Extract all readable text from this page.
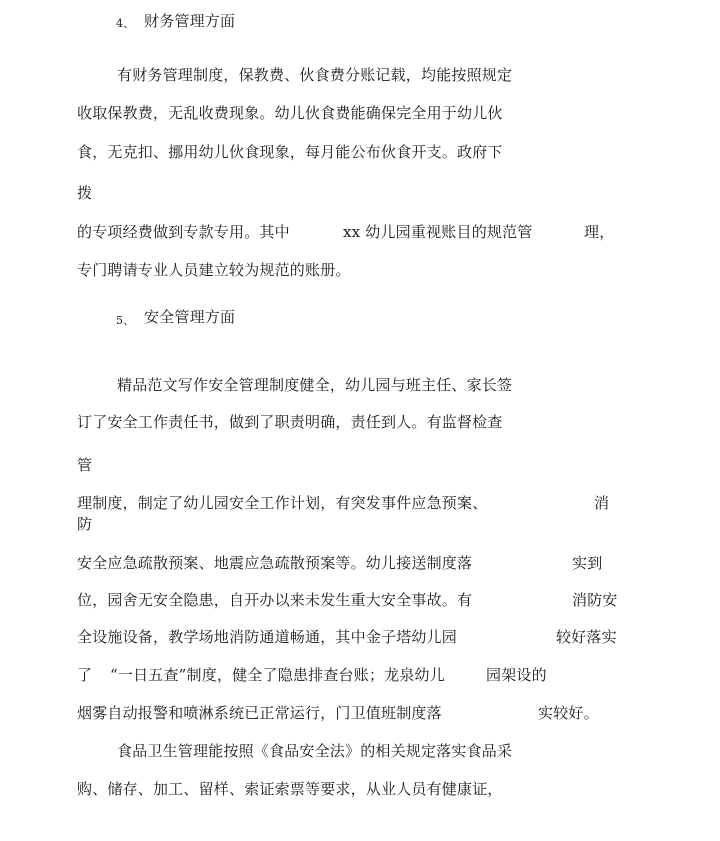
4、 财务管理方面

有财务管理制度，保教费、伙食费分账记载，均能按照规定

收取保教费，无乱收费现象。幼儿伙食费能确保完全用于幼儿伙

食，无克扣、挪用幼儿伙食现象，每月能公布伙食开支。政府下

拨

的专项经费做到专款专用。其中	xx 幼儿园重视账目的规范管	理，

专门聘请专业人员建立较为规范的账册。

5、 安全管理方面

精品范文写作安全管理制度健全，幼儿园与班主任、家长签

订了安全工作责任书，做到了职责明确，责任到人。有监督检查

管

理制度，制定了幼儿园安全工作计划，有突发事件应急预案、	消

防

安全应急疏散预案、地震应急疏散预案等。幼儿接送制度落	实到

位，园舍无安全隐患，自开办以来未发生重大安全事故。有	消防安

全设施设备，教学场地消防通道畅通，其中金子塔幼儿园	较好落实

了 “一日五查”制度，健全了隐患排查台账；龙泉幼儿	园架设的

烟雾自动报警和喷淋系统已正常运行，门卫值班制度落	实较好。

食品卫生管理能按照《食品安全法》的相关规定落实食品采

购、储存、加工、留样、索证索票等要求，从业人员有健康证，
